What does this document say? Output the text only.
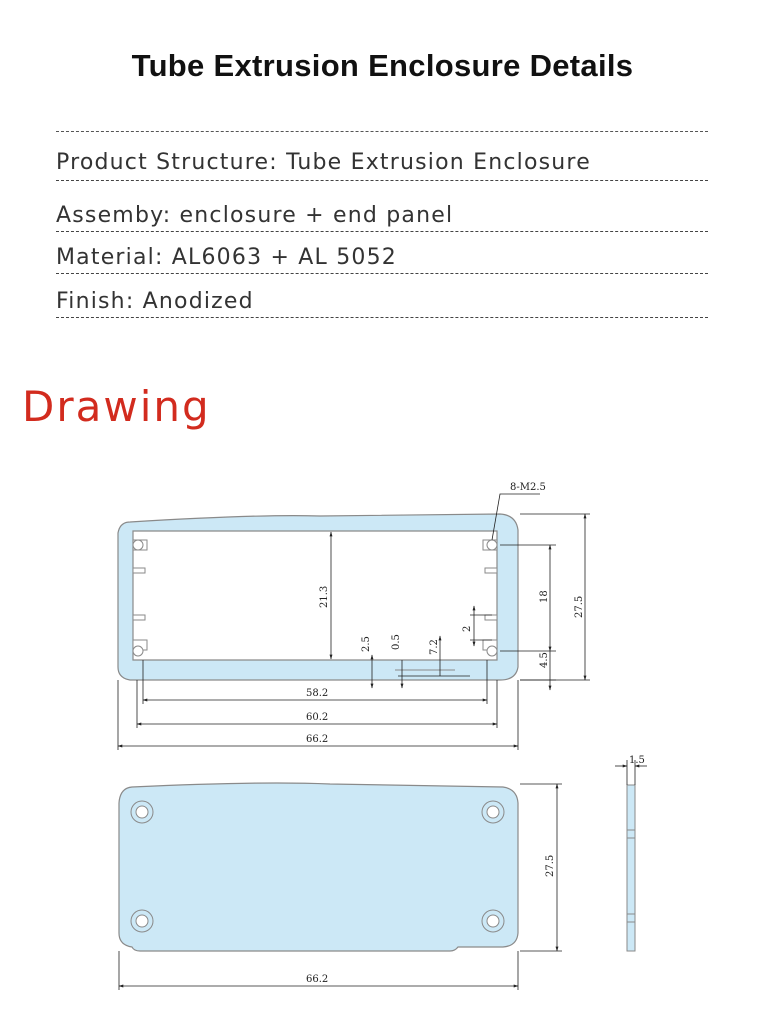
Tube Extrusion Enclosure Details
Product Structure: Tube Extrusion Enclosure
Assemby: enclosure + end panel
Material: AL6063 + AL 5052
Finish: Anodized
Drawing
8-M2.5
21.3	18 27.5
2
2.5 0.5	7.2
4.5
58.2
60.2
66.2
27.5
66.2
1.5
